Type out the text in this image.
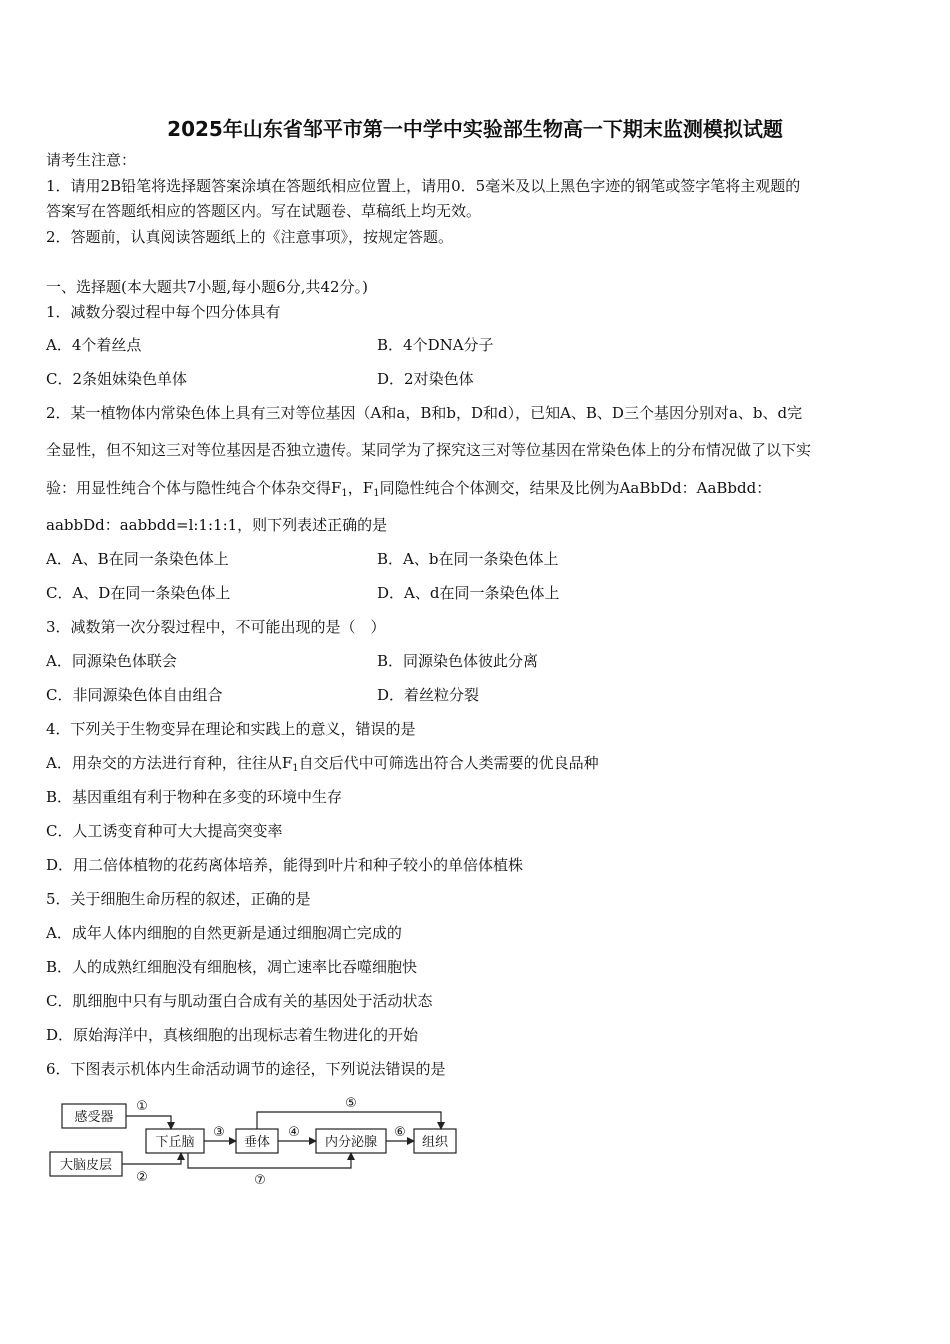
2025年山东省邹平市第一中学中实验部生物高一下期末监测模拟试题
请考生注意：
1．请用2B铅笔将选择题答案涂填在答题纸相应位置上，请用0．5毫米及以上黑色字迹的钢笔或签字笔将主观题的
答案写在答题纸相应的答题区内。写在试题卷、草稿纸上均无效。
2．答题前，认真阅读答题纸上的《注意事项》，按规定答题。
一、选择题(本大题共7小题,每小题6分,共42分。)
1．减数分裂过程中每个四分体具有
A．4个着丝点	B．4个DNA分子
C．2条姐妹染色单体	D．2对染色体
2．某一植物体内常染色体上具有三对等位基因（A和a，B和b，D和d），已知A、B、D三个基因分别对a、b、d完
全显性，但不知这三对等位基因是否独立遗传。某同学为了探究这三对等位基因在常染色体上的分布情况做了以下实
验：用显性纯合个体与隐性纯合个体杂交得$F_1$，$F_1$同隐性纯合个体测交，结果及比例为AaBbDd：AaBbdd：
aabbDd：aabbdd=l:1:1:1，则下列表述正确的是
A．A、B在同一条染色体上	B．A、b在同一条染色体上
C．A、D在同一条染色体上	D．A、d在同一条染色体上
3．减数第一次分裂过程中，不可能出现的是（　）
A．同源染色体联会	B．同源染色体彼此分离
C．非同源染色体自由组合	D．着丝粒分裂
4．下列关于生物变异在理论和实践上的意义，错误的是
A．用杂交的方法进行育种，往往从$F_1$自交后代中可筛选出符合人类需要的优良品种
B．基因重组有利于物种在多变的环境中生存
C．人工诱变育种可大大提高突变率
D．用二倍体植物的花药离体培养，能得到叶片和种子较小的单倍体植株
5．关于细胞生命历程的叙述，正确的是
A．成年人体内细胞的自然更新是通过细胞凋亡完成的
B．人的成熟红细胞没有细胞核，凋亡速率比吞噬细胞快
C．肌细胞中只有与肌动蛋白合成有关的基因处于活动状态
D．原始海洋中，真核细胞的出现标志着生物进化的开始
6．下图表示机体内生命活动调节的途径，下列说法错误的是
感受器
大脑皮层
下丘脑	垂体	内分泌腺	组织
①
②
③	④
⑤
⑥
⑦
